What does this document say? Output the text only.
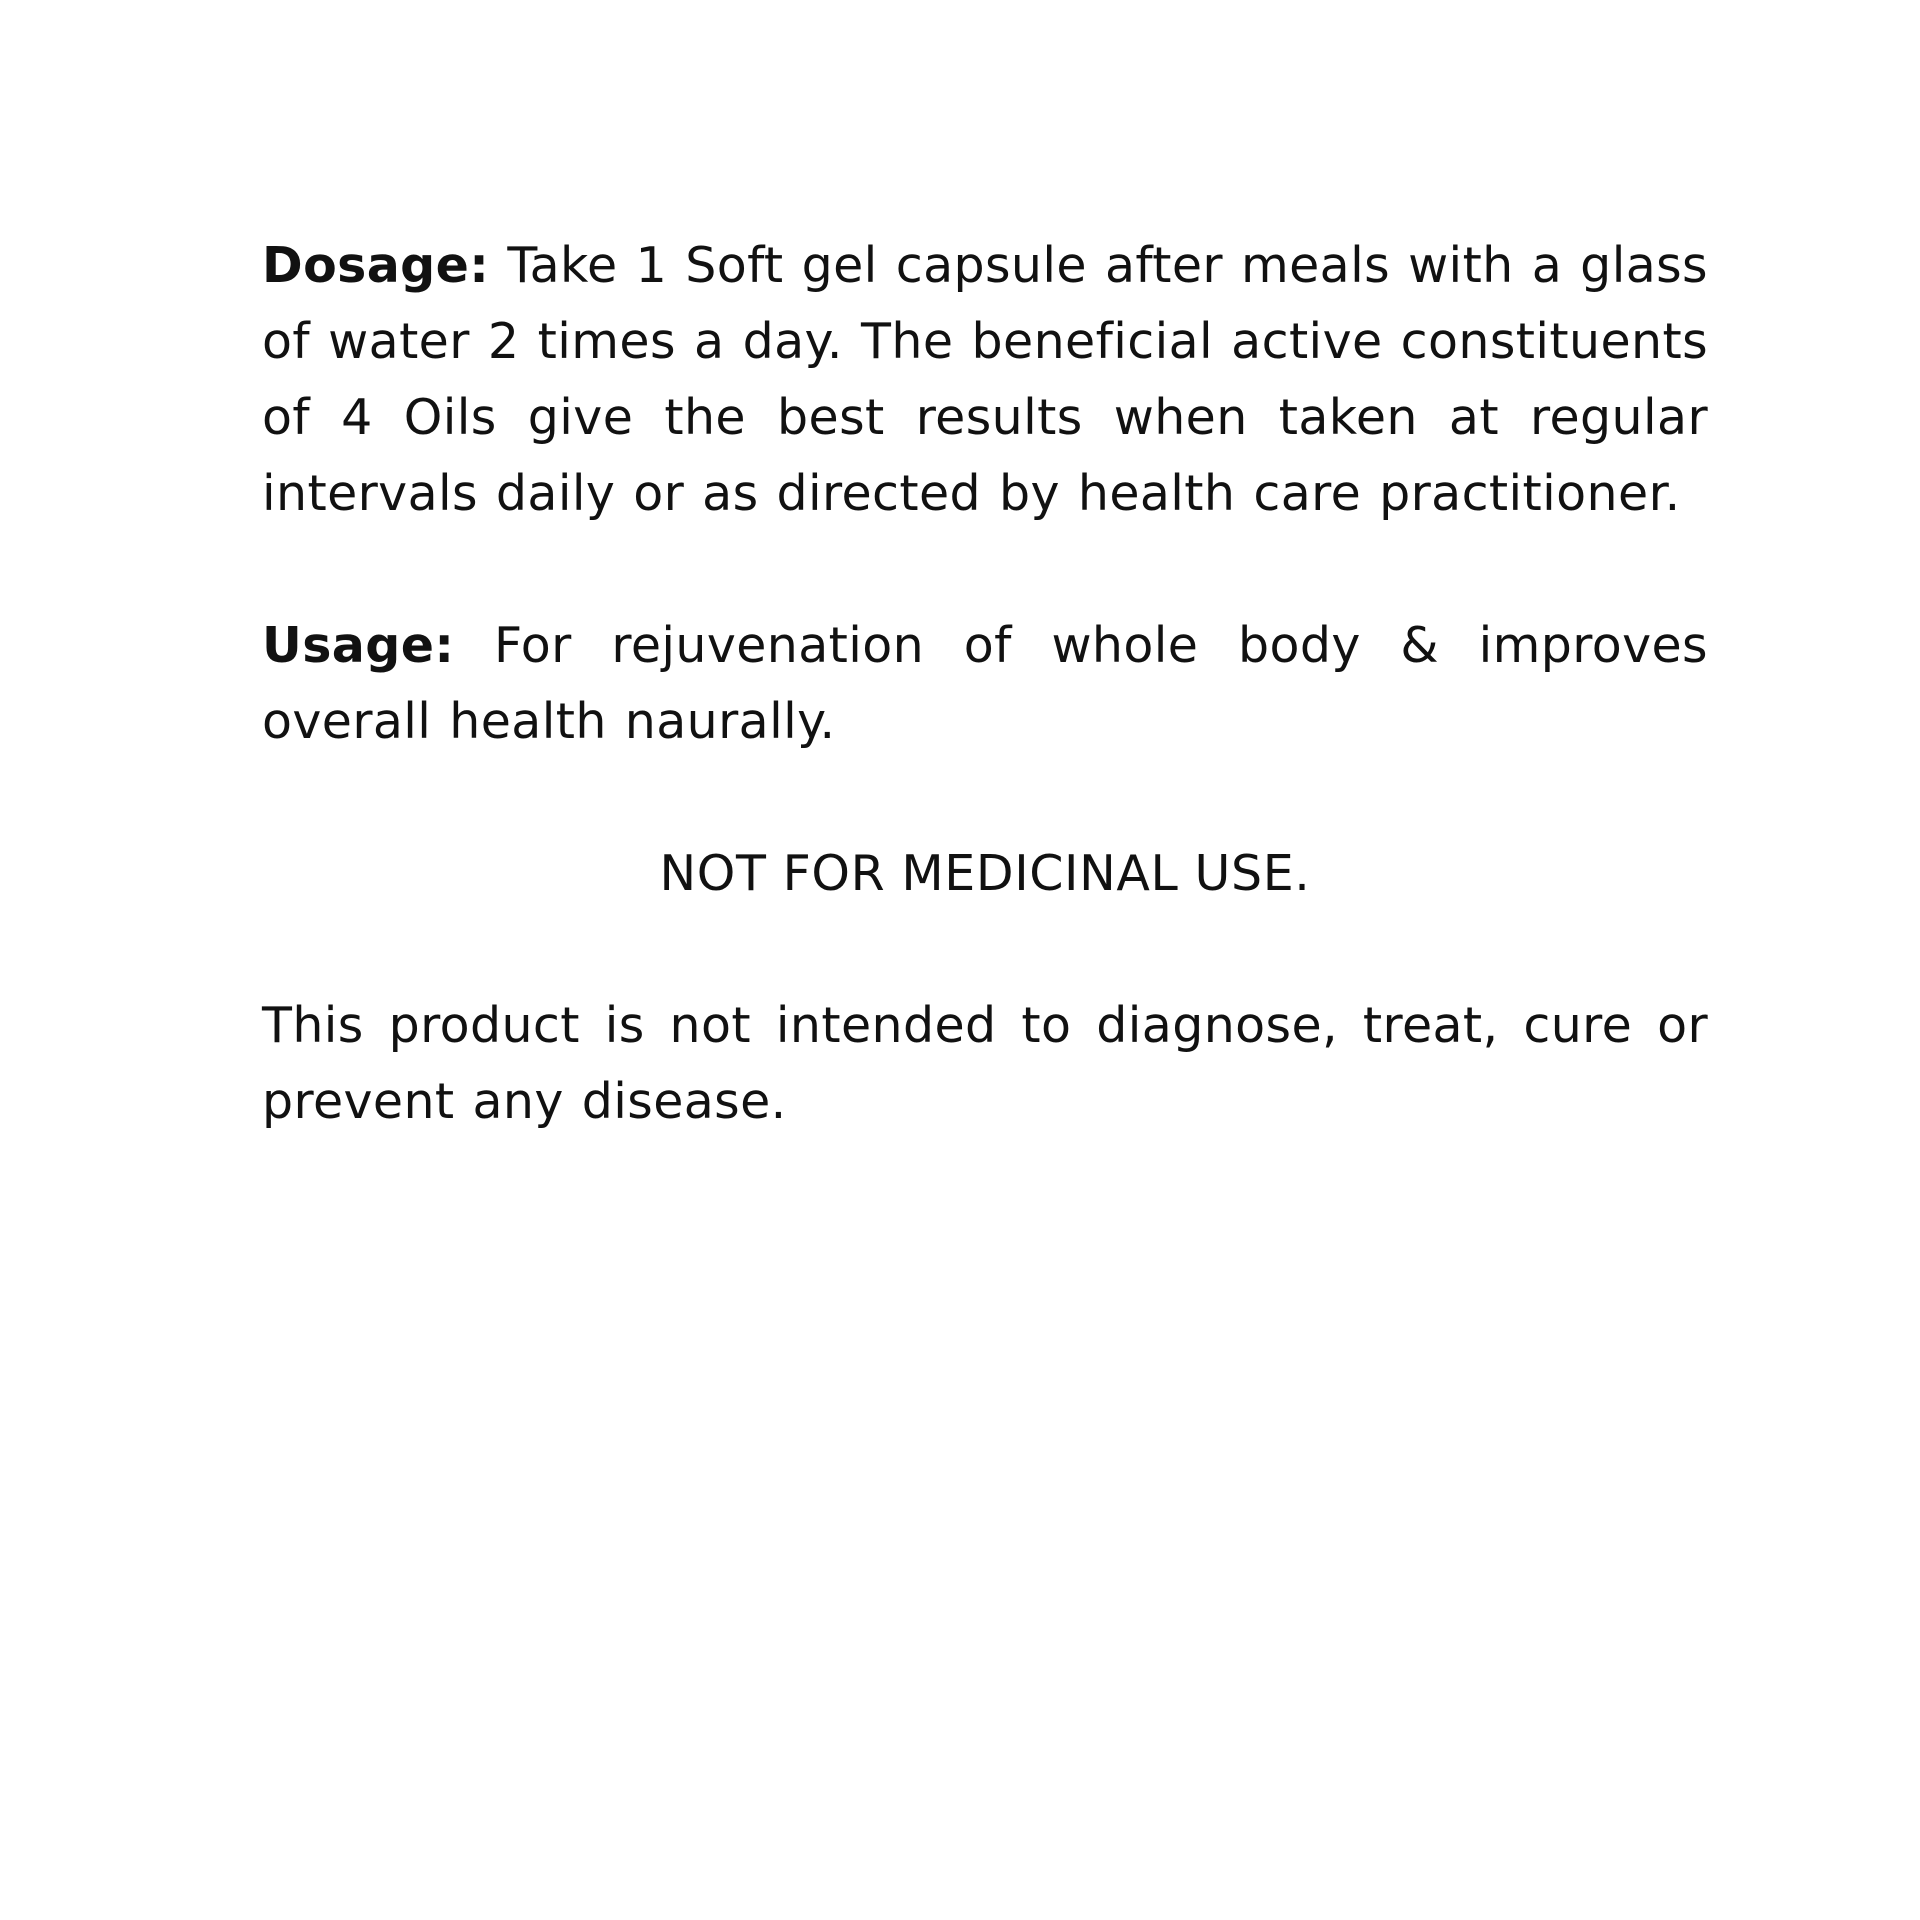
Dosage: Take 1 Soft gel capsule after meals with a glass of water 2 times a day. The beneficial active constituents of 4 Oils give the best results when taken at regular intervals daily or as directed by health care practitioner.

Usage: For rejuvenation of whole body & improves overall health naurally.

NOT FOR MEDICINAL USE.

This product is not intended to diagnose, treat, cure or prevent any disease.
